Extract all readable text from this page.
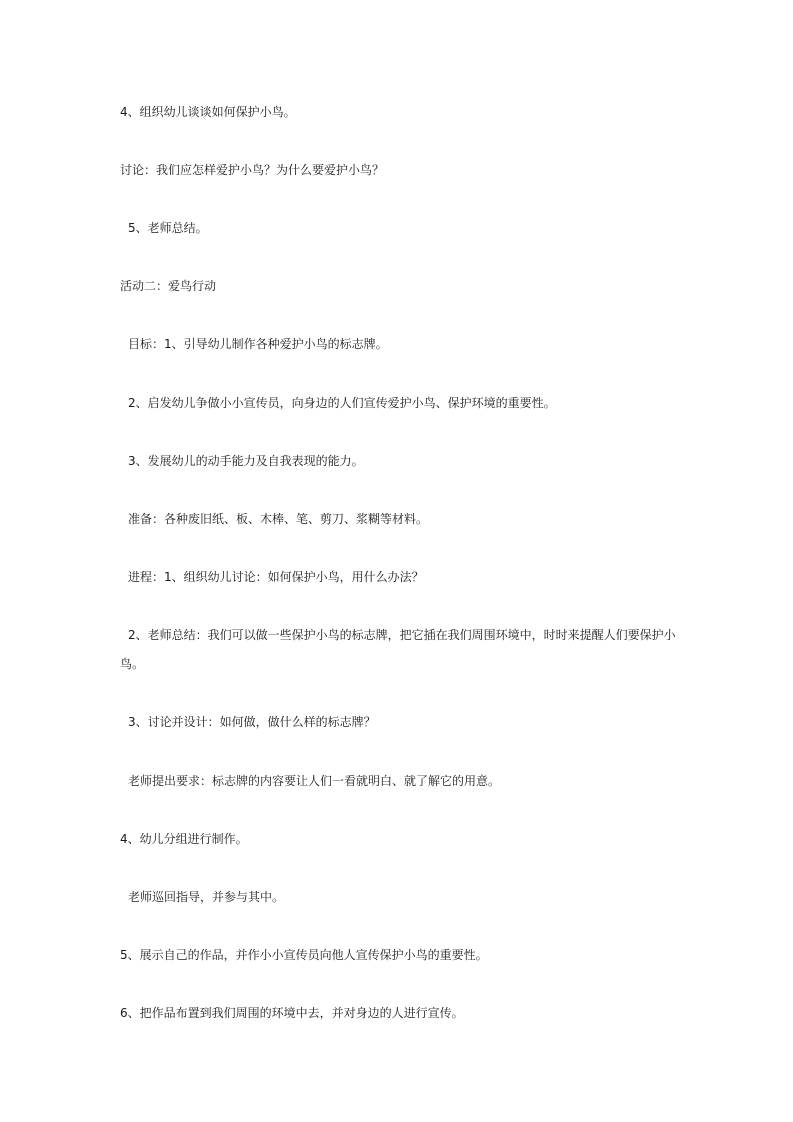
4、组织幼儿谈谈如何保护小鸟。
讨论：我们应怎样爱护小鸟？为什么要爱护小鸟？
5、老师总结。
活动二：爱鸟行动
目标：1、引导幼儿制作各种爱护小鸟的标志牌。
2、启发幼儿争做小小宣传员，向身边的人们宣传爱护小鸟、保护环境的重要性。
3、发展幼儿的动手能力及自我表现的能力。
准备：各种废旧纸、板、木棒、笔、剪刀、浆糊等材料。
进程：1、组织幼儿讨论：如何保护小鸟，用什么办法？
2、老师总结：我们可以做一些保护小鸟的标志牌，把它插在我们周围环境中，时时来提醒人们要保护小
鸟。
3、讨论并设计：如何做，做什么样的标志牌？
老师提出要求：标志牌的内容要让人们一看就明白、就了解它的用意。
4、幼儿分组进行制作。
老师巡回指导，并参与其中。
5、展示自己的作品，并作小小宣传员向他人宣传保护小鸟的重要性。
6、把作品布置到我们周围的环境中去，并对身边的人进行宣传。
